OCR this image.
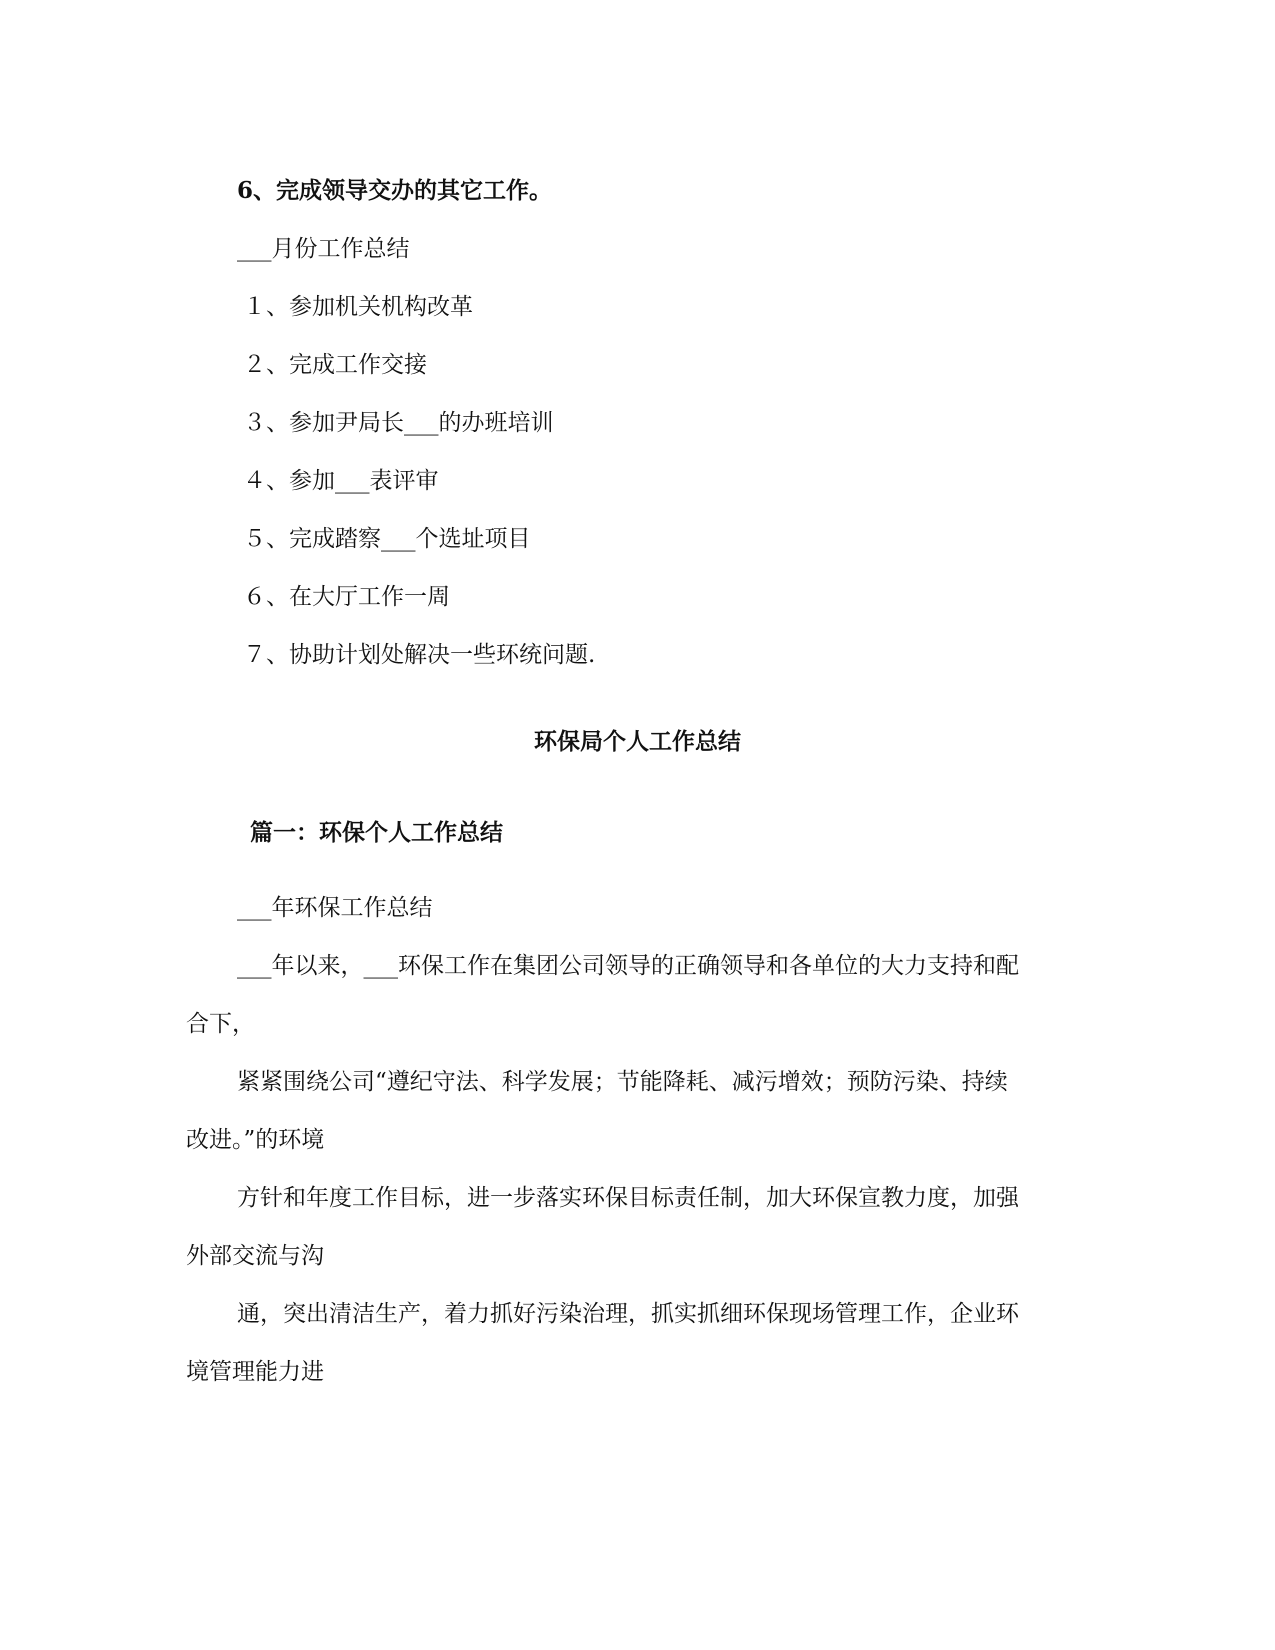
6、完成领导交办的其它工作。
___月份工作总结
１、参加机关机构改革
２、完成工作交接
３、参加尹局长___的办班培训
４、参加___表评审
５、完成踏察___个选址项目
６、在大厅工作一周
７、协助计划处解决一些环统问题.
环保局个人工作总结
篇一：环保个人工作总结
___年环保工作总结
___年以来，___环保工作在集团公司领导的正确领导和各单位的大力支持和配
合下，
紧紧围绕公司“遵纪守法、科学发展；节能降耗、减污增效；预防污染、持续
改进。”的环境
方针和年度工作目标，进一步落实环保目标责任制，加大环保宣教力度，加强
外部交流与沟
通，突出清洁生产，着力抓好污染治理，抓实抓细环保现场管理工作，企业环
境管理能力进
